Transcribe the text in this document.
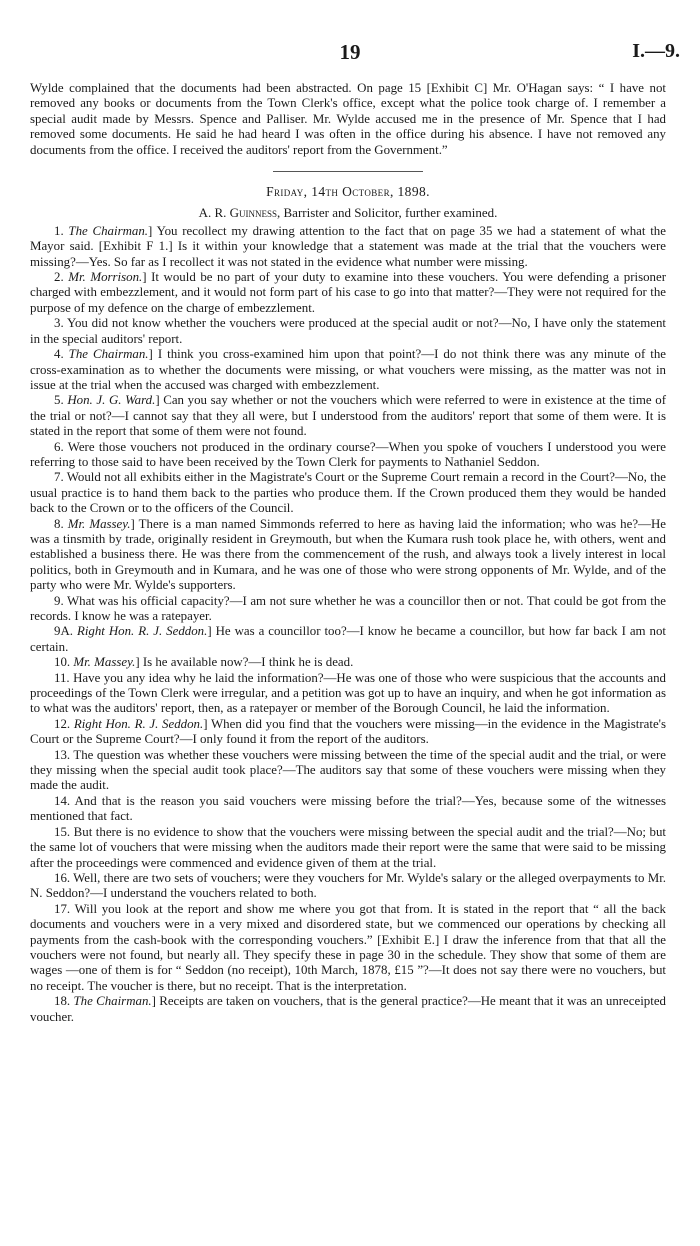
19	I.—9.

Wylde complained that the documents had been abstracted. On page 15 [Exhibit C] Mr. O'Hagan says: “ I have not removed any books or documents from the Town Clerk's office, except what the police took charge of. I remember a special audit made by Messrs. Spence and Palliser. Mr. Wylde accused me in the presence of Mr. Spence that I had removed some documents. He said he had heard I was often in the office during his absence. I have not removed any documents from the office. I received the auditors' report from the Government.”

Friday, 14th October, 1898.
A. R. Guinness, Barrister and Solicitor, further examined.

1. The Chairman.] You recollect my drawing attention to the fact that on page 35 we had a statement of what the Mayor said. [Exhibit F 1.] Is it within your knowledge that a statement was made at the trial that the vouchers were missing?—Yes. So far as I recollect it was not stated in the evidence what number were missing.

2. Mr. Morrison.] It would be no part of your duty to examine into these vouchers. You were defending a prisoner charged with embezzlement, and it would not form part of his case to go into that matter?—They were not required for the purpose of my defence on the charge of embezzlement.

3. You did not know whether the vouchers were produced at the special audit or not?—No, I have only the statement in the special auditors' report.

4. The Chairman.] I think you cross-examined him upon that point?—I do not think there was any minute of the cross-examination as to whether the documents were missing, or what vouchers were missing, as the matter was not in issue at the trial when the accused was charged with embezzlement.

5. Hon. J. G. Ward.] Can you say whether or not the vouchers which were referred to were in existence at the time of the trial or not?—I cannot say that they all were, but I understood from the auditors' report that some of them were. It is stated in the report that some of them were not found.

6. Were those vouchers not produced in the ordinary course?—When you spoke of vouchers I understood you were referring to those said to have been received by the Town Clerk for payments to Nathaniel Seddon.

7. Would not all exhibits either in the Magistrate's Court or the Supreme Court remain a record in the Court?—No, the usual practice is to hand them back to the parties who produce them. If the Crown produced them they would be handed back to the Crown or to the officers of the Council.

8. Mr. Massey.] There is a man named Simmonds referred to here as having laid the information; who was he?—He was a tinsmith by trade, originally resident in Greymouth, but when the Kumara rush took place he, with others, went and established a business there. He was there from the commencement of the rush, and always took a lively interest in local politics, both in Greymouth and in Kumara, and he was one of those who were strong opponents of Mr. Wylde, and of the party who were Mr. Wylde's supporters.

9. What was his official capacity?—I am not sure whether he was a councillor then or not. That could be got from the records. I know he was a ratepayer.

9A. Right Hon. R. J. Seddon.] He was a councillor too?—I know he became a councillor, but how far back I am not certain.

10. Mr. Massey.] Is he available now?—I think he is dead.

11. Have you any idea why he laid the information?—He was one of those who were suspicious that the accounts and proceedings of the Town Clerk were irregular, and a petition was got up to have an inquiry, and when he got information as to what was the auditors' report, then, as a ratepayer or member of the Borough Council, he laid the information.

12. Right Hon. R. J. Seddon.] When did you find that the vouchers were missing—in the evidence in the Magistrate's Court or the Supreme Court?—I only found it from the report of the auditors.

13. The question was whether these vouchers were missing between the time of the special audit and the trial, or were they missing when the special audit took place?—The auditors say that some of these vouchers were missing when they made the audit.

14. And that is the reason you said vouchers were missing before the trial?—Yes, because some of the witnesses mentioned that fact.

15. But there is no evidence to show that the vouchers were missing between the special audit and the trial?—No; but the same lot of vouchers that were missing when the auditors made their report were the same that were said to be missing after the proceedings were commenced and evidence given of them at the trial.

16. Well, there are two sets of vouchers; were they vouchers for Mr. Wylde's salary or the alleged overpayments to Mr. N. Seddon?—I understand the vouchers related to both.

17. Will you look at the report and show me where you got that from. It is stated in the report that “ all the back documents and vouchers were in a very mixed and disordered state, but we commenced our operations by checking all payments from the cash-book with the corresponding vouchers.” [Exhibit E.] I draw the inference from that that all the vouchers were not found, but nearly all. They specify these in page 30 in the schedule. They show that some of them are wages —one of them is for “ Seddon (no receipt), 10th March, 1878, £15 ”?—It does not say there were no vouchers, but no receipt. The voucher is there, but no receipt. That is the interpretation.

18. The Chairman.] Receipts are taken on vouchers, that is the general practice?—He meant that it was an unreceipted voucher.
